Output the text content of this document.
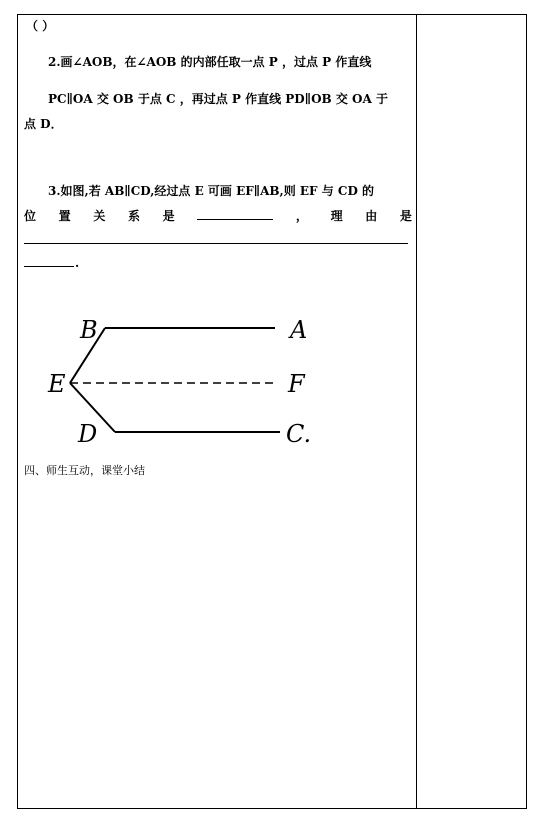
（ ）
2.画∠AOB，在∠AOB 的内部任取一点 P ，过点 P 作直线
PC∥OA 交 OB 于点 C ，再过点 P 作直线 PD∥OB 交 OA 于
点 D．
3.如图,若 AB∥CD,经过点 E 可画 EF∥AB,则 EF 与 CD 的
位 置 关 系 是	， 理 由 是
.
B	A
E	F
D	C.
四、师生互动，课堂小结
